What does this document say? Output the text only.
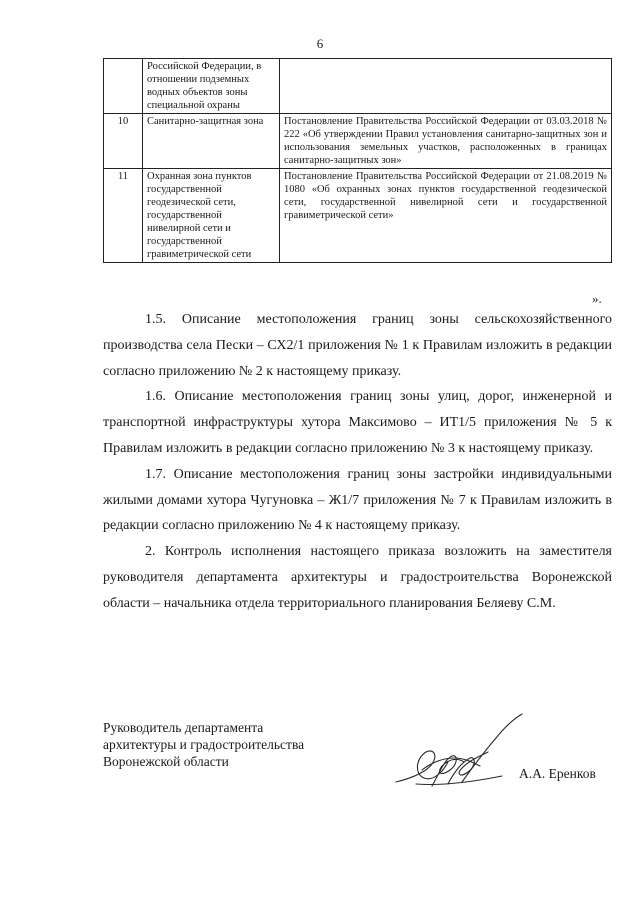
6
	Российской Федерации, в отношении подземных водных объектов зоны специальной охраны	
10	Санитарно-защитная зона	Постановление Правительства Российской Федерации от 03.03.2018 № 222 «Об утверждении Правил установления санитарно-защитных зон и использования земельных участков, расположенных в границах санитарно-защитных зон»
11	Охранная зона пунктов государственной геодезической сети, государственной нивелирной сети и государственной гравиметрической сети	Постановление Правительства Российской Федерации от 21.08.2019 № 1080 «Об охранных зонах пунктов государственной геодезической сети, государственной нивелирной сети и государственной гравиметрической сети»
».

1.5. Описание местоположения границ зоны сельскохозяйственного производства села Пески – СХ2/1 приложения № 1 к Правилам изложить в редакции согласно приложению № 2 к настоящему приказу.

1.6. Описание местоположения границ зоны улиц, дорог, инженерной и транспортной инфраструктуры хутора Максимово – ИТ1/5 приложения № 5 к Правилам изложить в редакции согласно приложению № 3 к настоящему приказу.

1.7. Описание местоположения границ зоны застройки индивидуальными жилыми домами хутора Чугуновка – Ж1/7 приложения № 7 к Правилам изложить в редакции согласно приложению № 4 к настоящему приказу.

2. Контроль исполнения настоящего приказа возложить на заместителя руководителя департамента архитектуры и градостроительства Воронежской области – начальника отдела территориального планирования Беляеву С.М.

Руководитель департамента
архитектуры и градостроительства
Воронежской области
А.А. Еренков
